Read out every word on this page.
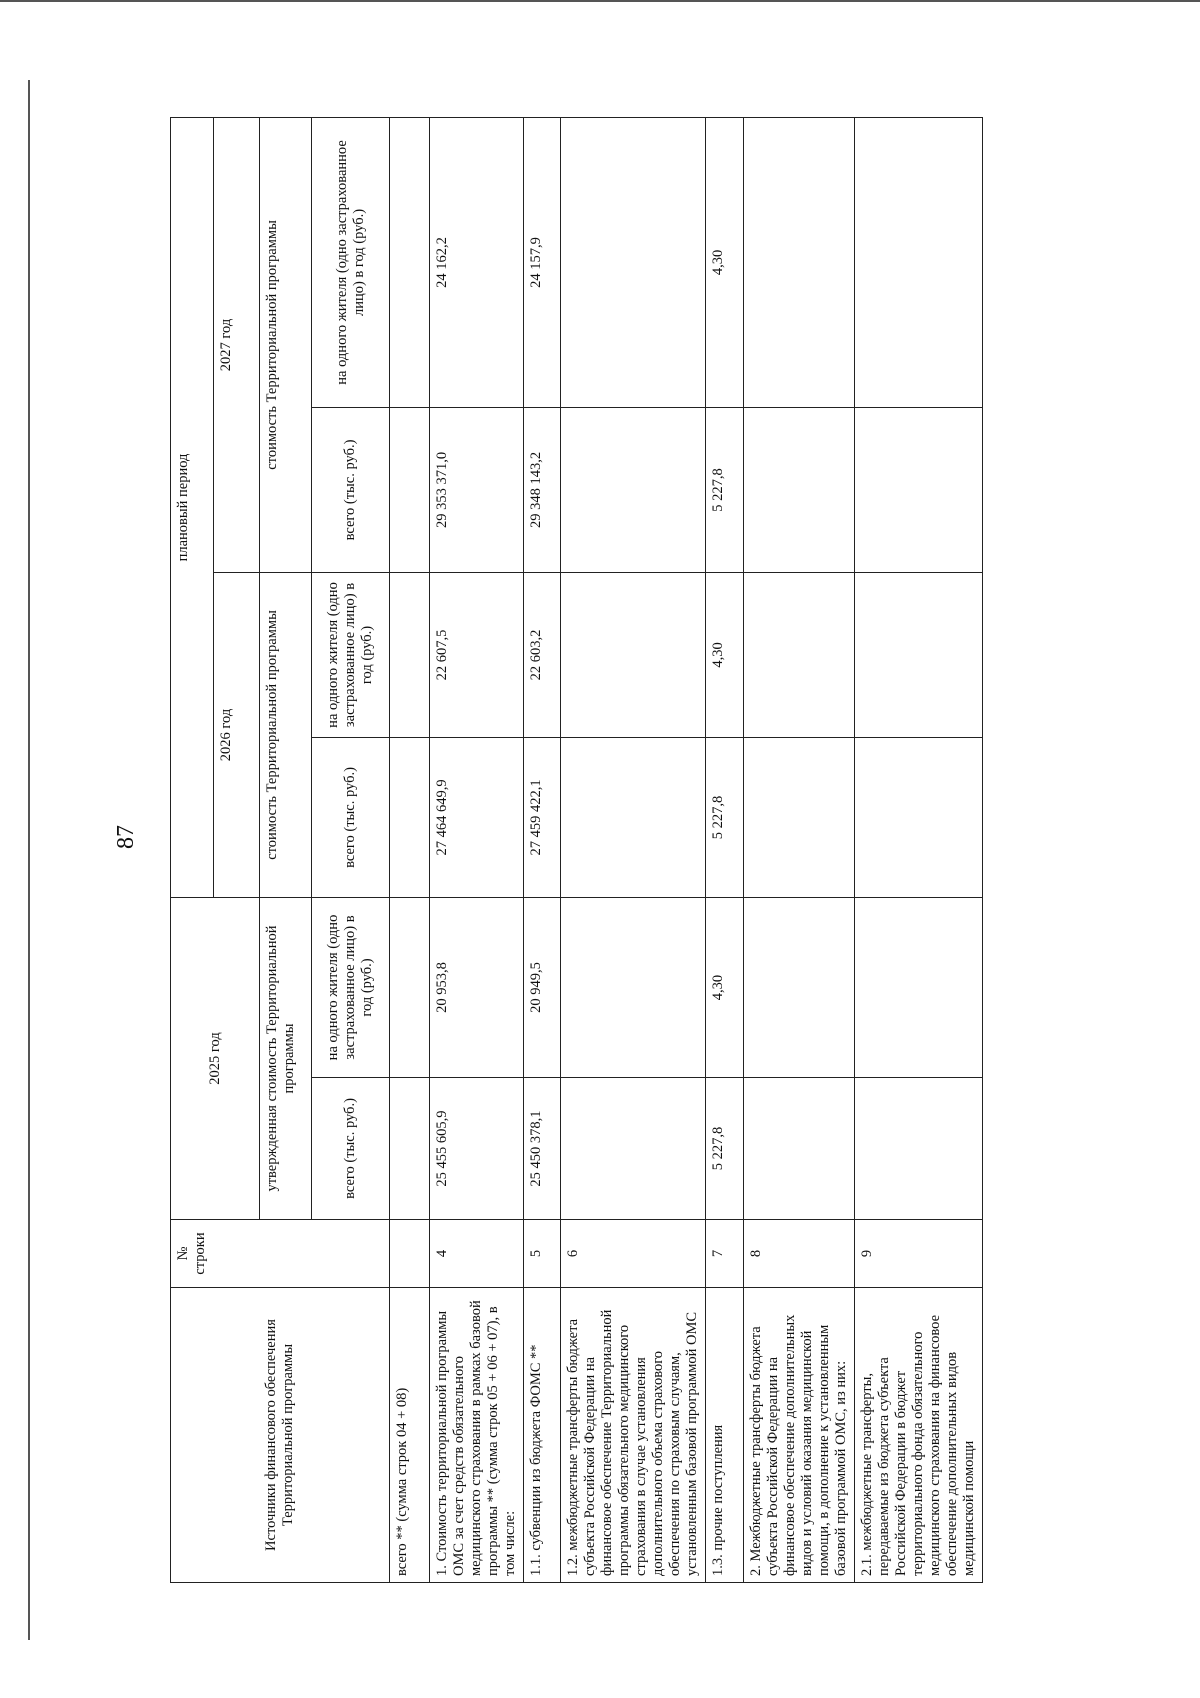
87
Источники финансового обеспечения Территориальной программы	№ строки	2025 год		плановый период			
				2026 год		2027 год	
		утвержденная стоимость Территориальной программы		стоимость Территориальной программы		стоимость Территориальной программы	
		всего (тыс. руб.)	на одного жителя (одно застрахованное лицо) в год (руб.)	всего (тыс. руб.)	на одного жителя (одно застрахованное лицо) в год (руб.)	всего (тыс. руб.)	на одного жителя (одно застрахованное лицо) в год (руб.)
всего ** (сумма строк 04 + 08)							
1. Стоимость территориальной программы ОМС за счет средств обязательного медицинского страхования в рамках базовой программы ** (сумма строк 05 + 06 + 07), в том числе:	4	25 455 605,9	20 953,8	27 464 649,9	22 607,5	29 353 371,0	24 162,2
1.1. субвенции из бюджета ФОМС **	5	25 450 378,1	20 949,5	27 459 422,1	22 603,2	29 348 143,2	24 157,9
1.2. межбюджетные трансферты бюджета субъекта Российской Федерации на финансовое обеспечение Территориальной программы обязательного медицинского страхования в случае установления дополнительного объема страхового обеспечения по страховым случаям, установленным базовой программой ОМС	6						
1.3. прочие поступления	7	5 227,8	4,30	5 227,8	4,30	5 227,8	4,30
2. Межбюджетные трансферты бюджета субъекта Российской Федерации на финансовое обеспечение дополнительных видов и условий оказания медицинской помощи, в дополнение к установленным базовой программой ОМС, из них:	8						
2.1. межбюджетные трансферты, передаваемые из бюджета субъекта Российской Федерации в бюджет территориального фонда обязательного медицинского страхования на финансовое обеспечение дополнительных видов медицинской помощи	9						
